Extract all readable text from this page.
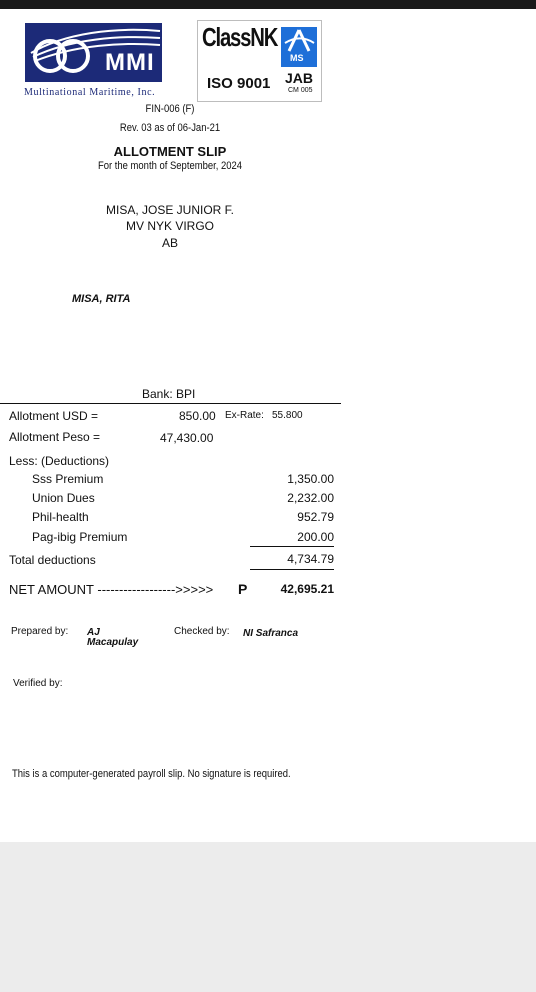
MMI
Multinational Maritime, Inc.
ClassNK
MS
ISO 9001 JAB
CM 005
FIN-006 (F)
Rev. 03 as of 06-Jan-21
ALLOTMENT SLIP
For the month of September, 2024
MISA, JOSE JUNIOR F.
MV NYK VIRGO
AB
MISA, RITA
Bank: BPI
Allotment USD =	850.00 Ex-Rate: 55.800
Allotment Peso =	47,430.00
Less: (Deductions)
Sss Premium	1,350.00
Union Dues	2,232.00
Phil-health	952.79
Pag-ibig Premium	200.00
Total deductions	4,734.79
NET AMOUNT ------------------>>>>> P	42,695.21
Prepared by: AJ
Macapulay
Checked by: NI Safranca
Verified by:
This is a computer-generated payroll slip. No signature is required.
